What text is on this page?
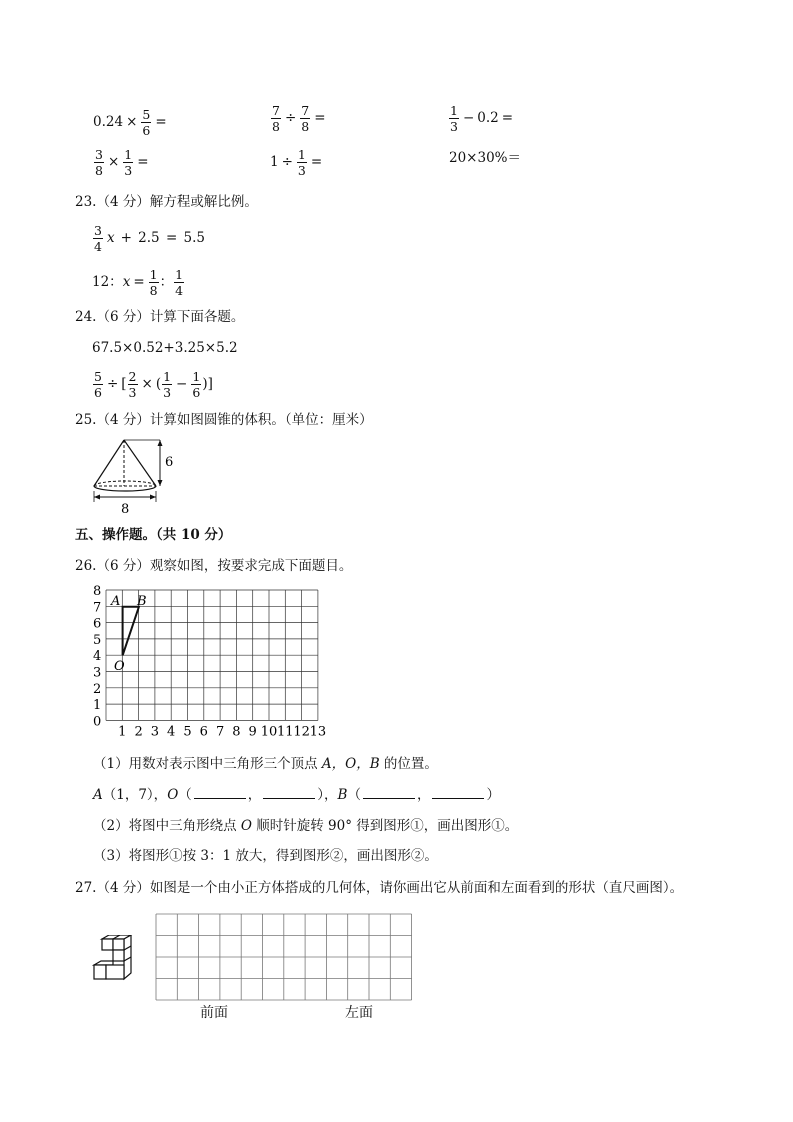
$0.24 \times \frac{5}{6}$ =	$\frac{7}{8} \div \frac{7}{8}$ =	$\frac{1}{3} - 0.2$ =
$\frac{3}{8} \times \frac{1}{3}$ =	$1 \div \frac{1}{3}$ =	20×30%＝
23.（4 分）解方程或解比例。
$\frac{3}{4}$ x + 2.5 = 5.5
12：$x = \frac{1}{8}$ ： $\frac{1}{4}$
24.（6 分）计算下面各题。
67.5×0.52+3.25×5.2
$\frac{5}{6}$ ÷ [ $\frac{2}{3}$ × ( $\frac{1}{3} - \frac{1}{6}$ )]
25.（4 分）计算如图圆锥的体积。（单位：厘米）
6
8
五、操作题。（共 10 分）
26.（6 分）观察如图，按要求完成下面题目。
8
7
6
5
4
3
2
1
0
1 2 3 4 5 6 7 8 9 10 11 12 13
A B
O
（1）用数对表示图中三角形三个顶点 A，O，B 的位置。
A（1，7），O（	，	），B（	，	）
（2）将图中三角形绕点 O 顺时针旋转 90° 得到图形①，画出图形①。
（3）将图形①按 3：1 放大，得到图形②，画出图形②。
27.（4 分）如图是一个由小正方体搭成的几何体，请你画出它从前面和左面看到的形状（直尺画图）。
前面	左面
